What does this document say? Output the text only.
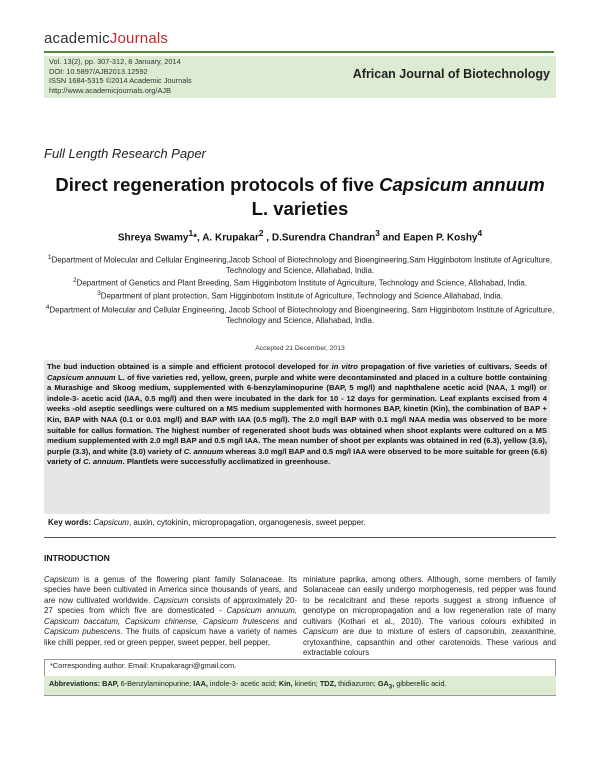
academicJournals
Vol. 13(2), pp. 307-312, 8 January, 2014
DOI: 10.5897/AJB2013.12592
ISSN 1684-5315 ©2014 Academic Journals
http://www.academicjournals.org/AJB
African Journal of Biotechnology
Full Length Research Paper
Direct regeneration protocols of five Capsicum annuum
L. varieties
Shreya Swamy$^1$*, A. Krupakar$^2$ , D.Surendra Chandran$^3$ and Eapen P. Koshy$^4$
$^1$Department of Molecular and Cellular Engineering,Jacob School of Biotechnology and Bioengineering,Sam Higginbotom Institute of Agriculture, Technology and Science, Allahabad, India.
$^2$Department of Genetics and Plant Breeding, Sam Higginbotom Institute of Agriculture, Technology and Science, Allahabad, India.
$^3$Department of plant protection, Sam Higginbotom Institute of Agriculture, Technology and Science,Allahabad, India.
$^4$Department of Molecular and Cellular Engineering, Jacob School of Biotechnology and Bioengineering, Sam Higginbotom Institute of Agriculture, Technology and Science, Allahabad, India.
Accepted 21 December, 2013
The bud induction obtained is a simple and efficient protocol developed for in vitro propagation of five varieties of cultivars. Seeds of Capsicum annuum L. of five varieties red, yellow, green, purple and white were decontaminated and placed in a culture bottle containing a Murashige and Skoog medium, supplemented with 6-benzylaminopurine (BAP, 5 mg/l) and naphthalene acetic acid (NAA, 1 mg/l) or indole-3- acetic acid (IAA, 0.5 mg/l) and then were incubated in the dark for 10 - 12 days for germination. Leaf explants excised from 4 weeks -old aseptic seedlings were cultured on a MS medium supplemented with hormones BAP, kinetin (Kin), the combination of BAP + Kin, BAP with NAA (0.1 or 0.01 mg/l) and BAP with IAA (0.5 mg/l). The 2.0 mg/l BAP with 0.1 mg/l NAA media was observed to be more suitable for callus formation. The highest number of regenerated shoot buds was obtained when shoot explants were cultured on a MS medium supplemented with 2.0 mg/l BAP and 0.5 mg/l IAA. The mean number of shoot per explants was obtained in red (6.3), yellow (3.6), purple (3.3), and white (3.0) variety of C. annuum whereas 3.0 mg/l BAP and 0.5 mg/l IAA were observed to be more suitable for green (6.6) variety of C. annuum. Plantlets were successfully acclimatized in greenhouse.
Key words: Capsicum, auxin, cytokinin, micropropagation, organogenesis, sweet pepper.
INTRODUCTION
Capsicum is a genus of the flowering plant family Solanaceae. Its species have been cultivated in America since thousands of years, and are now cultivated worldwide. Capsicum consists of approximately 20-27 species from which five are domesticated - Capsicum annuum, Capsicum baccatum, Capsicum chinense, Capsicum frutescens and Capsicum pubescens. The fruits of capsicum have a variety of names like chilli pepper, red or green pepper, sweet pepper, bell pepper,
miniature paprika, among others. Although, some members of family Solanaceae can easily undergo morphogenesis, red pepper was found to be recalcitrant and these reports suggest a strong influence of genotype on micropropagation and a low regeneration rate of many cultivars (Kothari et al., 2010). The various colours exhibited in Capsicum are due to mixture of esters of capsorubin, zeaxanthine, crytoxanthine, capsanthin and other carotenoids. These various and extractable colours
*Corresponding author. Email: Krupakaragri@gmail.com.
Abbreviations: BAP, 6-Benzylaminopurine; IAA, indole-3- acetic acid; Kin, kinetin; TDZ, thidiazuron; $GA_3$, gibberellic acid.
